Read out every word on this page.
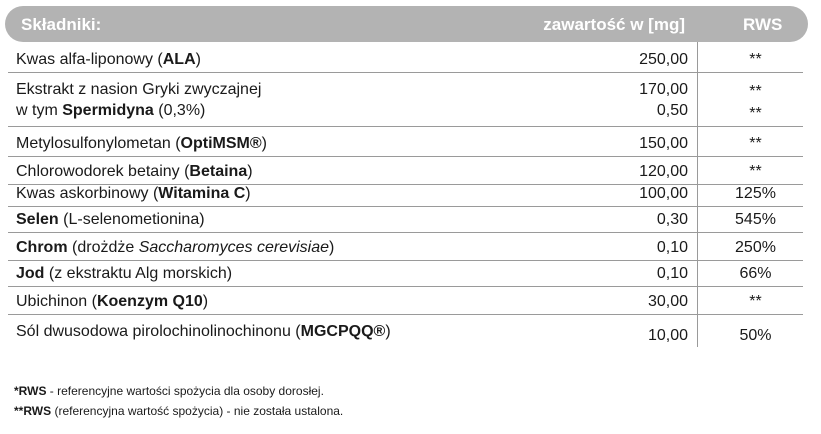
Składniki:	zawartość w [mg]	RWS
Kwas alfa-liponowy (ALA)	250,00	**
Ekstrakt z nasion Gryki zwyczajnej	170,00	**
w tym Spermidyna (0,3%)	0,50	**
Metylosulfonylometan (OptiMSM®)	150,00	**
Chlorowodorek betainy (Betaina)	120,00	**
Kwas askorbinowy (Witamina C)	100,00	125%
Selen (L-selenometionina)	0,30	545%
Chrom (drożdże Saccharomyces cerevisiae)	0,10	250%
Jod (z ekstraktu Alg morskich)	0,10	66%
Ubichinon (Koenzym Q10)	30,00	**
Sól dwusodowa pirolochinolinochinonu (MGCPQQ®)	10,00	50%
*RWS - referencyjne wartości spożycia dla osoby dorosłej.
**RWS (referencyjna wartość spożycia) - nie została ustalona.
